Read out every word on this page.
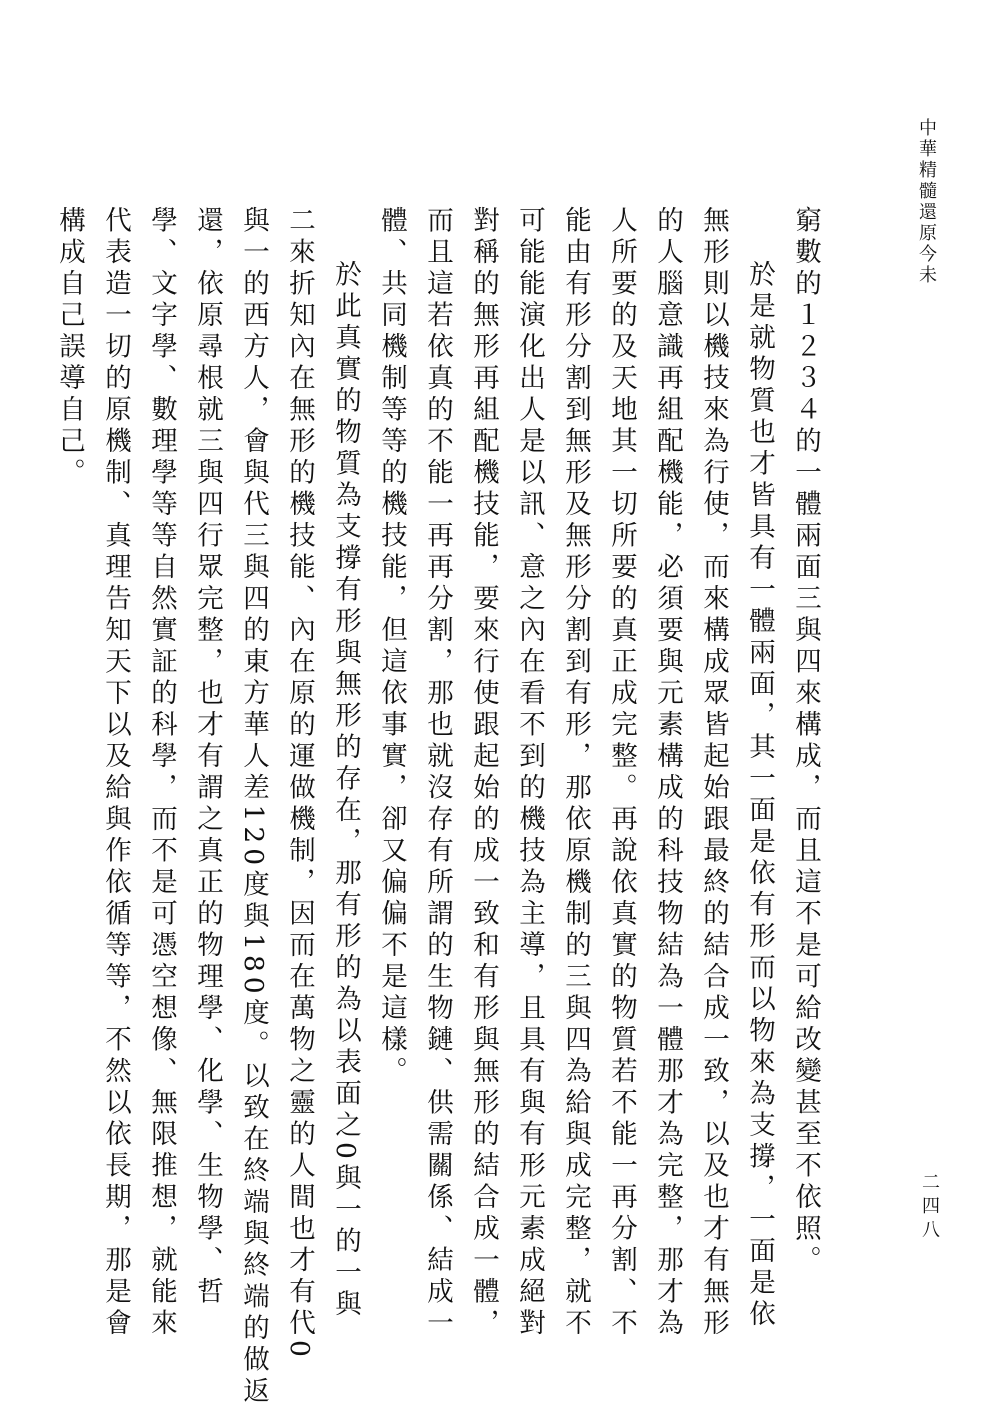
中華精髓還原今未
二四八

窮數的１２３４的一體兩面三與四來構成，而且這不是可給改變甚至不依照。

於是就物質也才皆具有一體兩面，其一面是依有形而以物來為支撐，一面是依

無形則以機技來為行使，而來構成眾皆起始跟最終的結合成一致，以及也才有無形

的人腦意識再組配機能，必須要與元素構成的科技物結為一體那才為完整，那才為

人所要的及天地其一切所要的真正成完整。再說依真實的物質若不能一再分割、不

能由有形分割到無形及無形分割到有形，那依原機制的三與四為給與成完整，就不

可能能演化出人是以訊、意之內在看不到的機技為主導，且具有與有形元素成絕對

對稱的無形再組配機技能，要來行使跟起始的成一致和有形與無形的結合成一體，

而且這若依真的不能一再再分割，那也就沒存有所謂的生物鏈、供需關係、結成一

體、共同機制等等的機技能，但這依事實，卻又偏偏不是這樣。

於此真實的物質為支撐有形與無形的存在，那有形的為以表面之0與一的一與

二來折知內在無形的機技能、內在原的運做機制，因而在萬物之靈的人間也才有代0

與一的西方人，會與代三與四的東方華人差120度與180度。以致在終端與終端的做返

還，依原尋根就三與四行眾完整，也才有謂之真正的物理學、化學、生物學、哲

學、文字學、數理學等等自然實証的科學，而不是可憑空想像、無限推想，就能來

代表造一切的原機制、真理告知天下以及給與作依循等等，不然以依長期，那是會

構成自己誤導自己。
